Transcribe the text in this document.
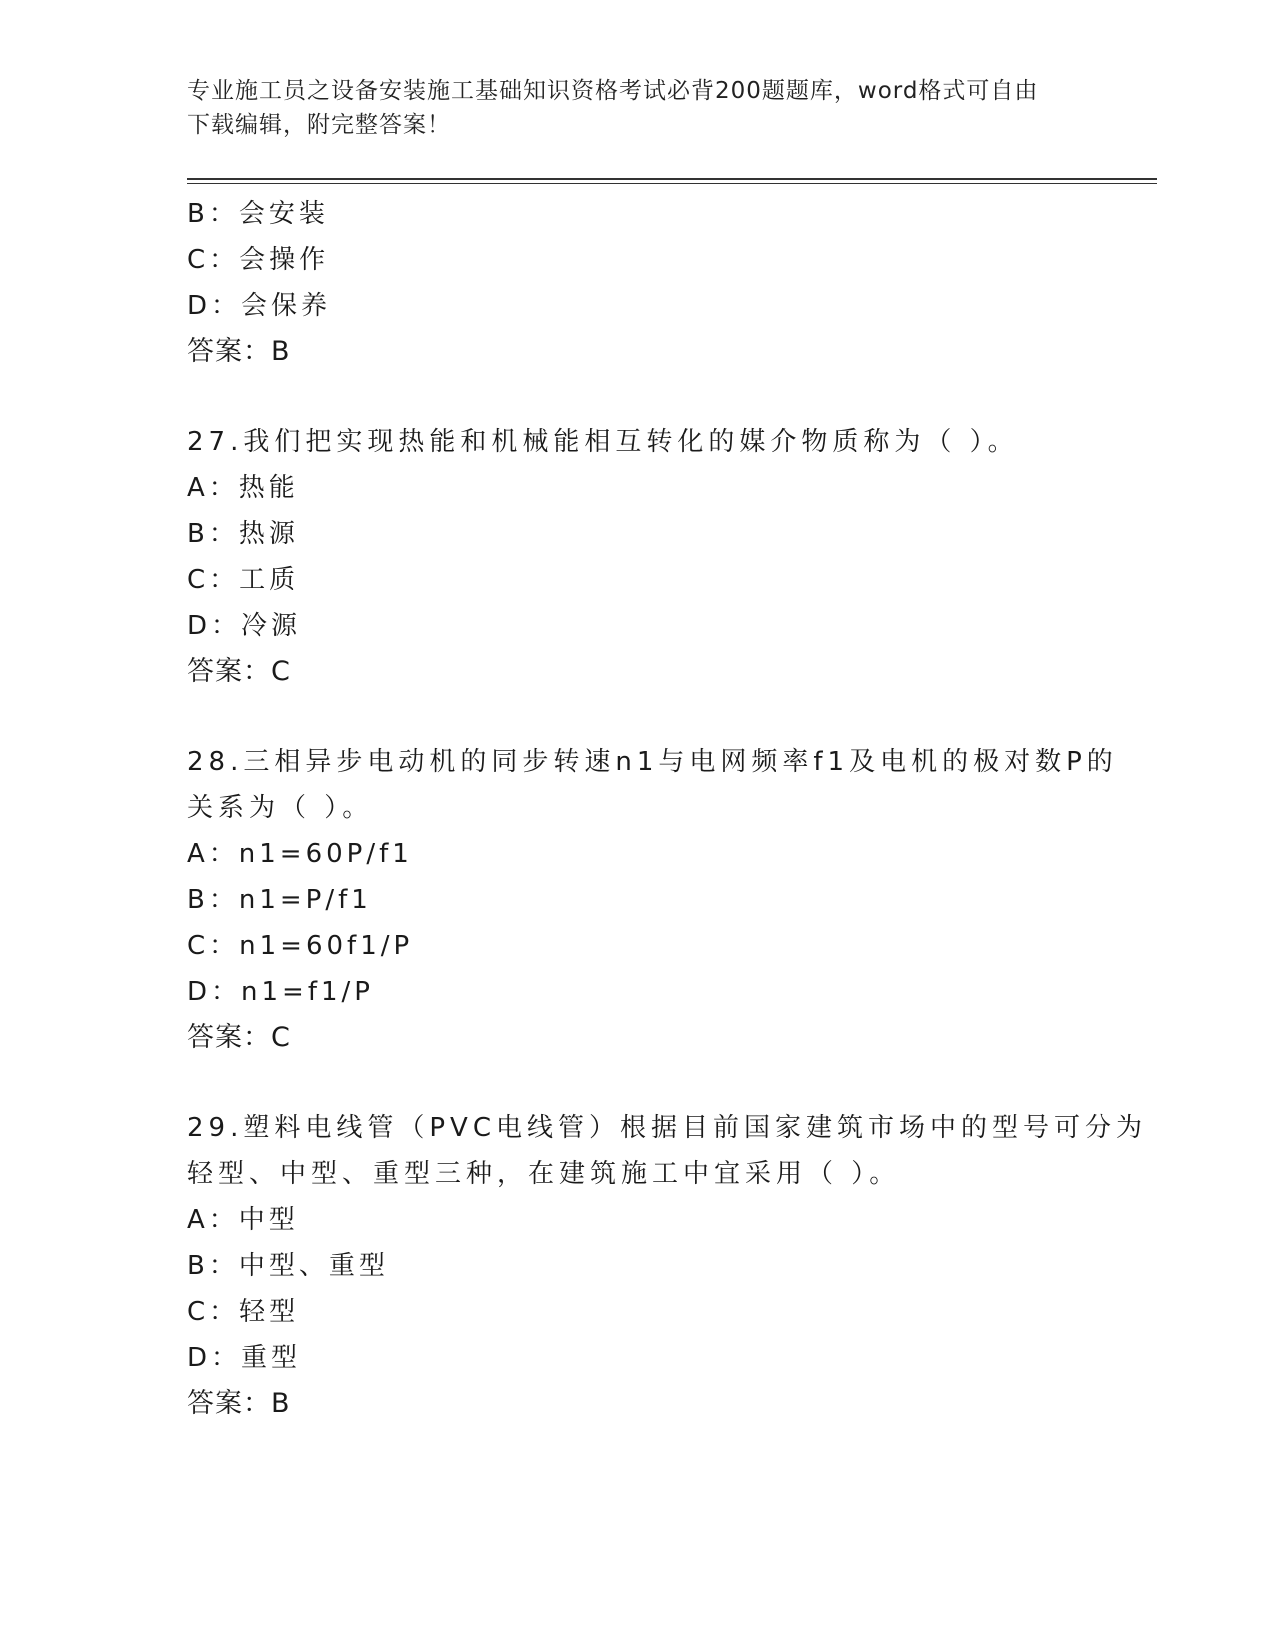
专业施工员之设备安装施工基础知识资格考试必背200题题库，word格式可自由
下载编辑，附完整答案！
B：会安装
C：会操作
D：会保养
答案：B
27.我们把实现热能和机械能相互转化的媒介物质称为（ ）。
A：热能
B：热源
C：工质
D：冷源
答案：C
28.三相异步电动机的同步转速n1与电网频率f1及电机的极对数P的
关系为（ ）。
A：n1=60P/f1
B：n1=P/f1
C：n1=60f1/P
D：n1=f1/P
答案：C
29.塑料电线管（PVC电线管）根据目前国家建筑市场中的型号可分为
轻型、中型、重型三种，在建筑施工中宜采用（ ）。
A：中型
B：中型、重型
C：轻型
D：重型
答案：B
